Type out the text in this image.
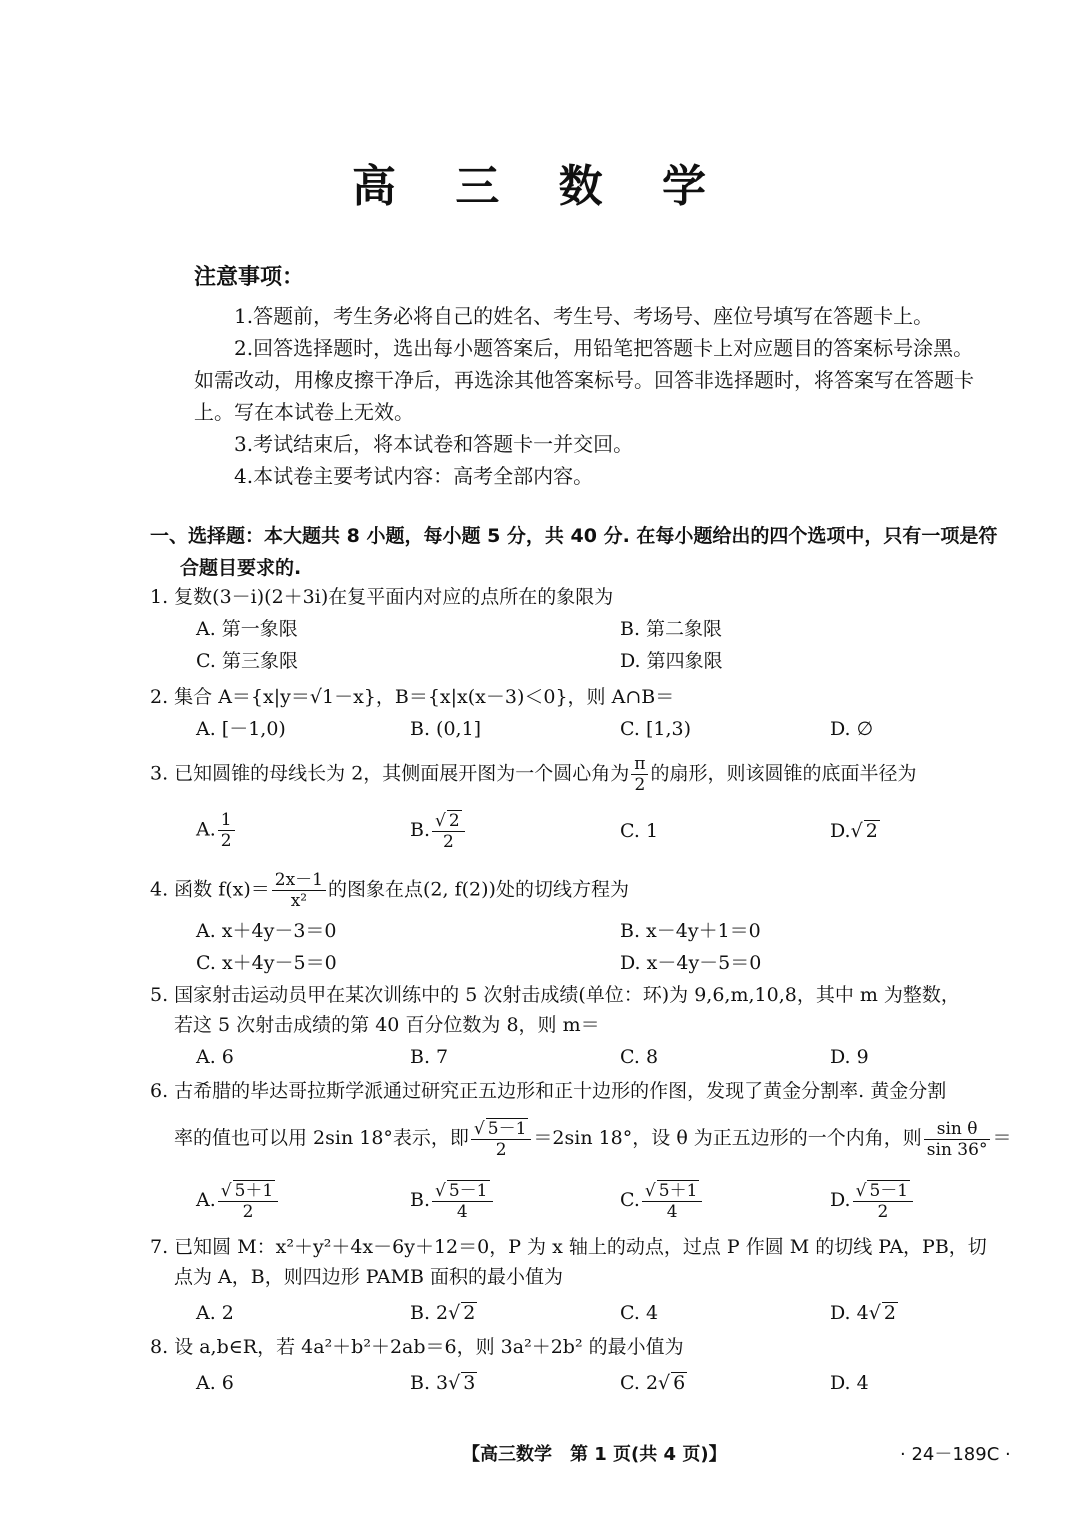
高 三 数 学
注意事项：
1.答题前，考生务必将自己的姓名、考生号、考场号、座位号填写在答题卡上。
2.回答选择题时，选出每小题答案后，用铅笔把答题卡上对应题目的答案标号涂黑。如需改动，用橡皮擦干净后，再选涂其他答案标号。回答非选择题时，将答案写在答题卡上。写在本试卷上无效。
3.考试结束后，将本试卷和答题卡一并交回。
4.本试卷主要考试内容：高考全部内容。
一、选择题：本大题共 8 小题，每小题 5 分，共 40 分. 在每小题给出的四个选项中，只有一项是符
合题目要求的.
1. 复数(3－i)(2＋3i)在复平面内对应的点所在的象限为
A. 第一象限	B. 第二象限
C. 第三象限	D. 第四象限
2. 集合 A＝{x|y＝√1－x}，B＝{x|x(x－3)＜0}，则 A∩B＝
A. [－1,0)	B. (0,1]	C. [1,3)	D. ∅
3. 已知圆锥的母线长为 2，其侧面展开图为一个圆心角为 $\frac{\pi}{2}$ 的扇形，则该圆锥的底面半径为
A. $\frac{1}{2}$	B. $\frac{√ 2}{2}$	C. 1	D.√ 2
4. 函数 $f(x)= \frac{2x-1}{\text{x²}}$ 的图象在点(2, f(2))处的切线方程为
A. x＋4y－3＝0	B. x－4y＋1＝0
C. x＋4y－5＝0	D. x－4y－5＝0
5. 国家射击运动员甲在某次训练中的 5 次射击成绩(单位：环)为 9,6,m,10,8，其中 m 为整数，
若这 5 次射击成绩的第 40 百分位数为 8，则 m＝
A. 6	B. 7	C. 8	D. 9
6. 古希腊的毕达哥拉斯学派通过研究正五边形和正十边形的作图，发现了黄金分割率. 黄金分割
率的值也可以用 2sin 18°表示，即 $\frac{√ 5-1}{2} =2\sin$ 18°，设 θ 为正五边形的一个内角，则 $\frac{\text{sin θ}}{\sin 36^\circ}$ ＝
A. $\frac{√ 5+1}{2}$	B. $\frac{√ 5-1}{4}$	C. $\frac{√ 5+1}{4}$	D. $\frac{√ 5-1}{2}$
7. 已知圆 M：x²＋y²＋4x－6y＋12＝0，P 为 x 轴上的动点，过点 P 作圆 M 的切线 PA，PB，切
点为 A，B，则四边形 PAMB 面积的最小值为
A. 2	B. 2√ 2	C. 4	D. 4√ 2
8. 设 a,b∈R，若 4a²＋b²＋2ab＝6，则 3a²＋2b² 的最小值为
A. 6	B. 3√ 3	C. 2√ 6	D. 4
【高三数学　第 1 页(共 4 页)】	· 24－189C ·
